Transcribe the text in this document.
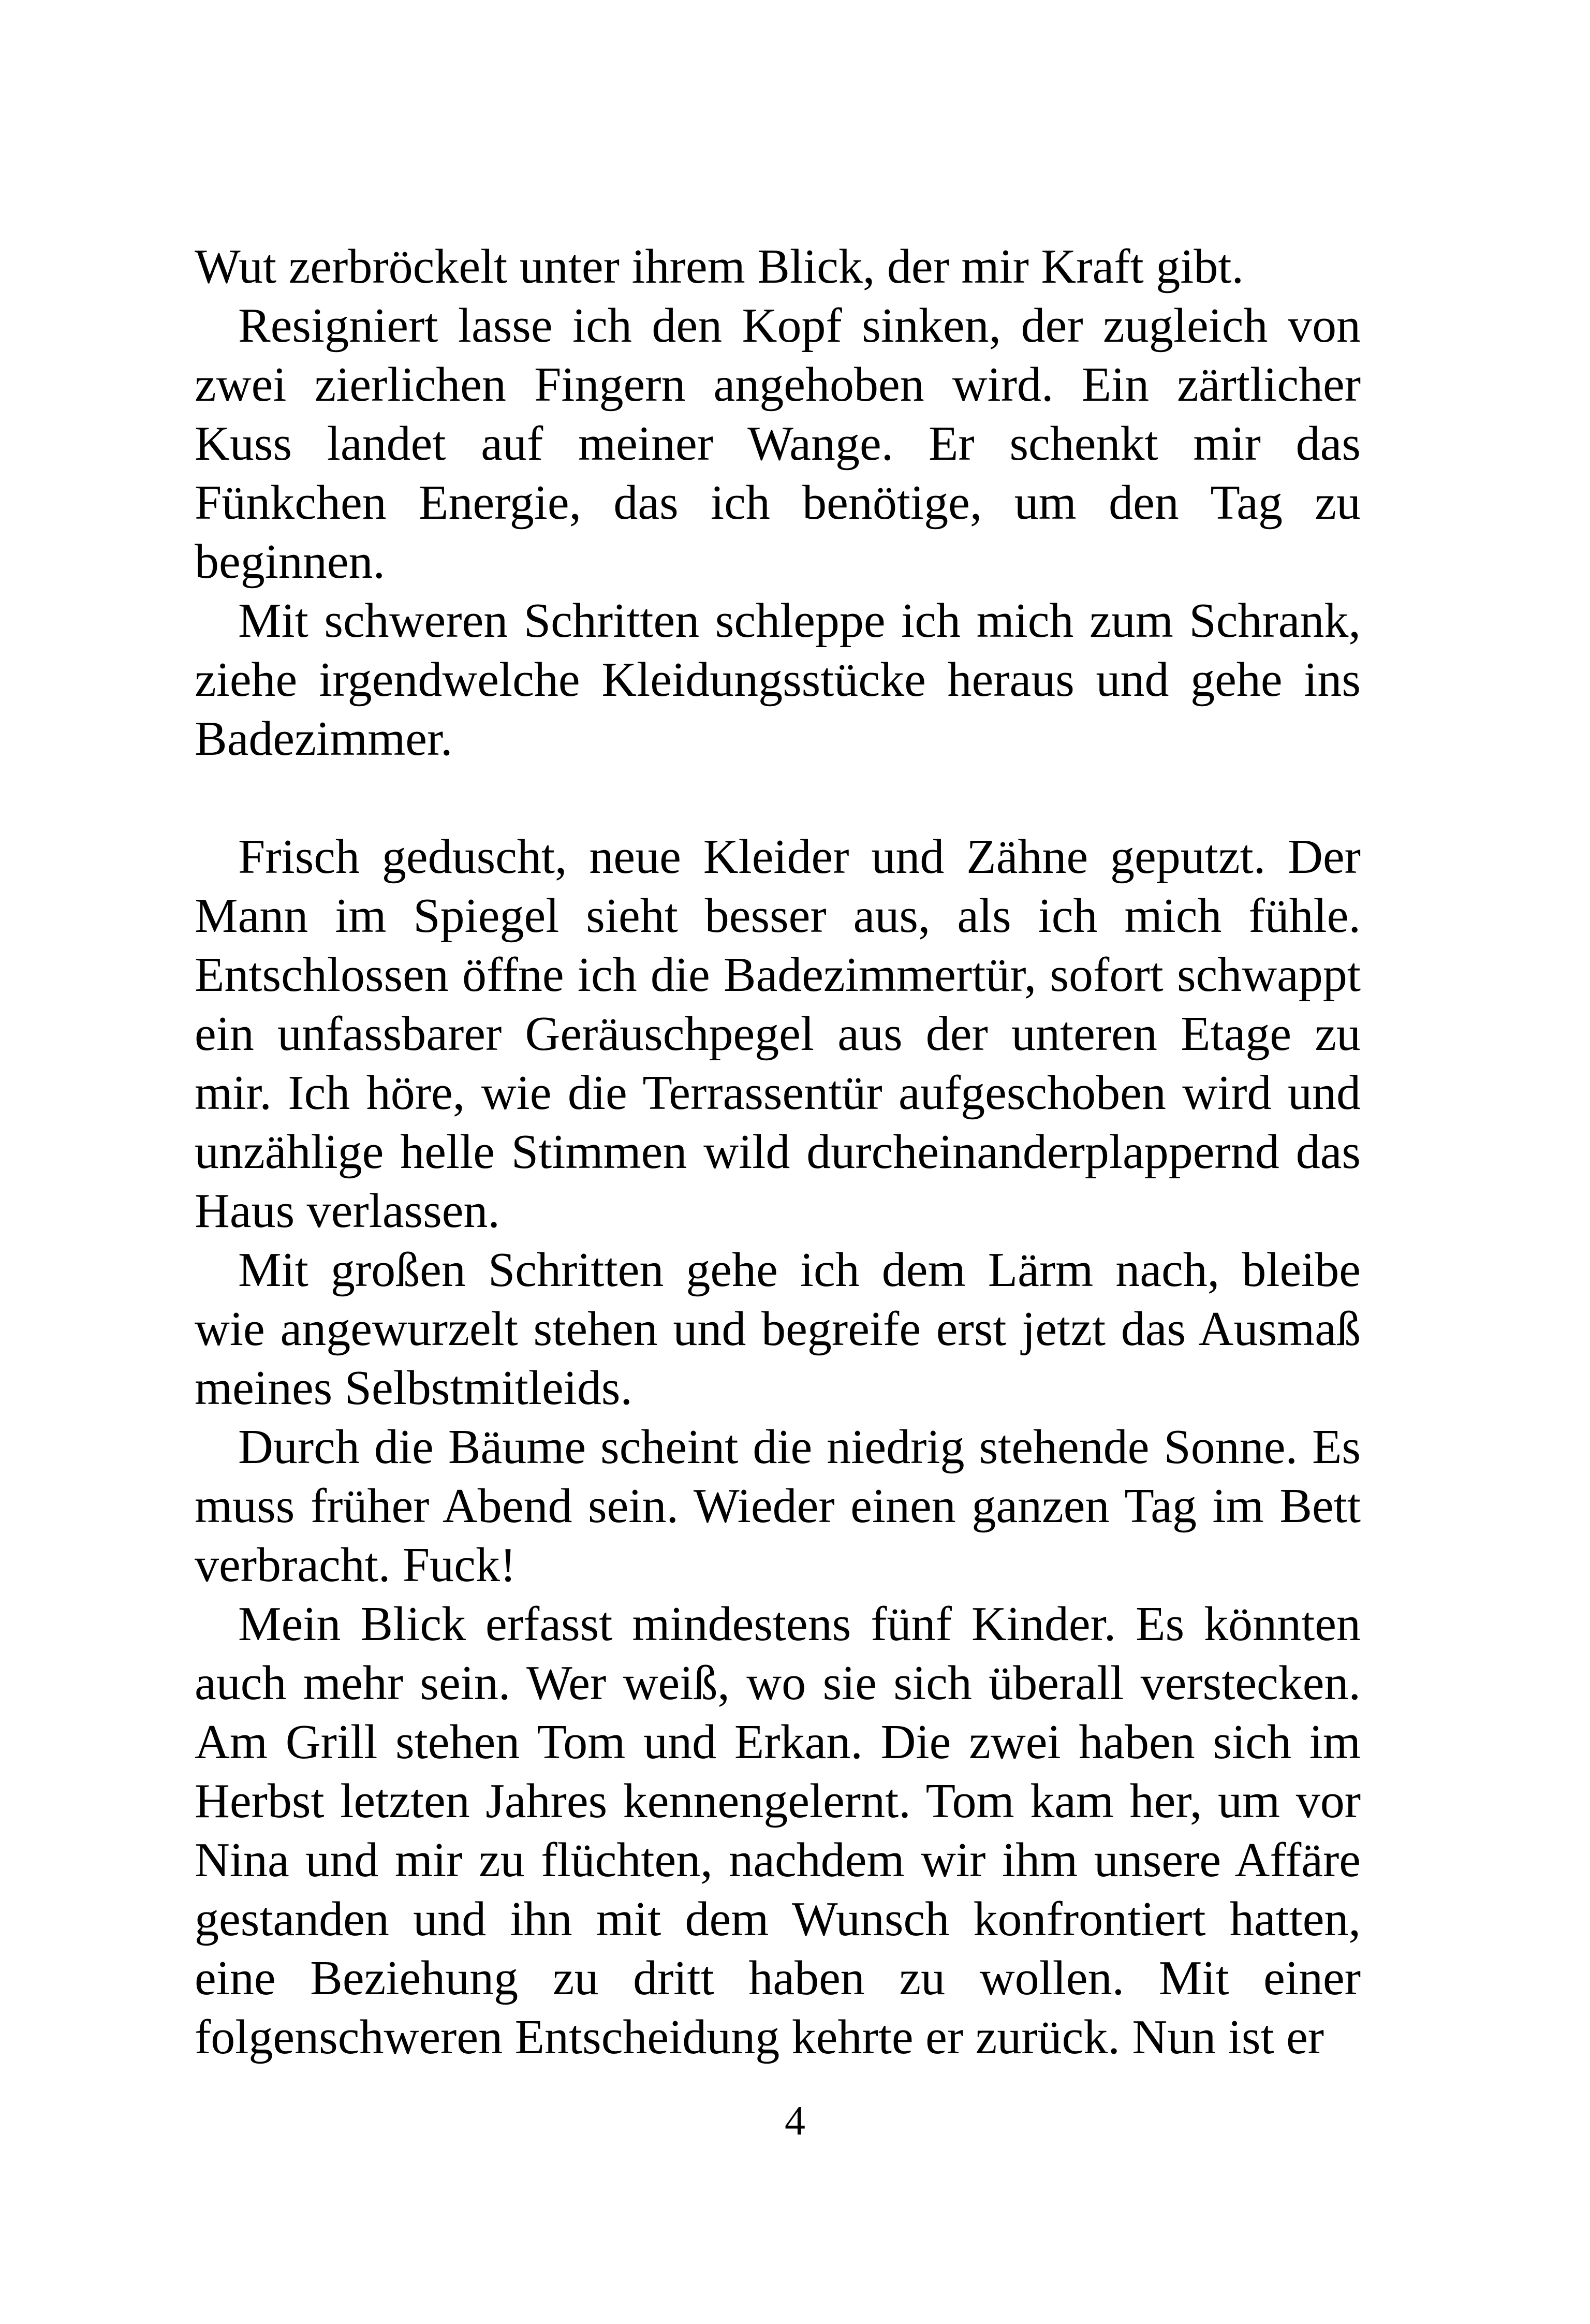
Wut zerbröckelt unter ihrem Blick, der mir Kraft gibt.

Resigniert lasse ich den Kopf sinken, der zugleich von zwei zierlichen Fingern angehoben wird. Ein zärtlicher Kuss landet auf meiner Wange. Er schenkt mir das Fünkchen Energie, das ich benötige, um den Tag zu beginnen.

Mit schweren Schritten schleppe ich mich zum Schrank, ziehe irgendwelche Kleidungsstücke heraus und gehe ins Badezimmer.

Frisch geduscht, neue Kleider und Zähne geputzt. Der Mann im Spiegel sieht besser aus, als ich mich fühle. Entschlossen öffne ich die Badezimmertür, sofort schwappt ein unfassbarer Geräuschpegel aus der unteren Etage zu mir. Ich höre, wie die Terrassentür aufgeschoben wird und unzählige helle Stimmen wild durcheinanderplappernd das Haus verlassen.

Mit großen Schritten gehe ich dem Lärm nach, bleibe wie angewurzelt stehen und begreife erst jetzt das Ausmaß meines Selbstmitleids.

Durch die Bäume scheint die niedrig stehende Sonne. Es muss früher Abend sein. Wieder einen ganzen Tag im Bett verbracht. Fuck!

Mein Blick erfasst mindestens fünf Kinder. Es könnten auch mehr sein. Wer weiß, wo sie sich überall verstecken. Am Grill stehen Tom und Erkan. Die zwei haben sich im Herbst letzten Jahres kennengelernt. Tom kam her, um vor Nina und mir zu flüchten, nachdem wir ihm unsere Affäre gestanden und ihn mit dem Wunsch konfrontiert hatten, eine Beziehung zu dritt haben zu wollen. Mit einer folgenschweren Entscheidung kehrte er zurück. Nun ist er

4
